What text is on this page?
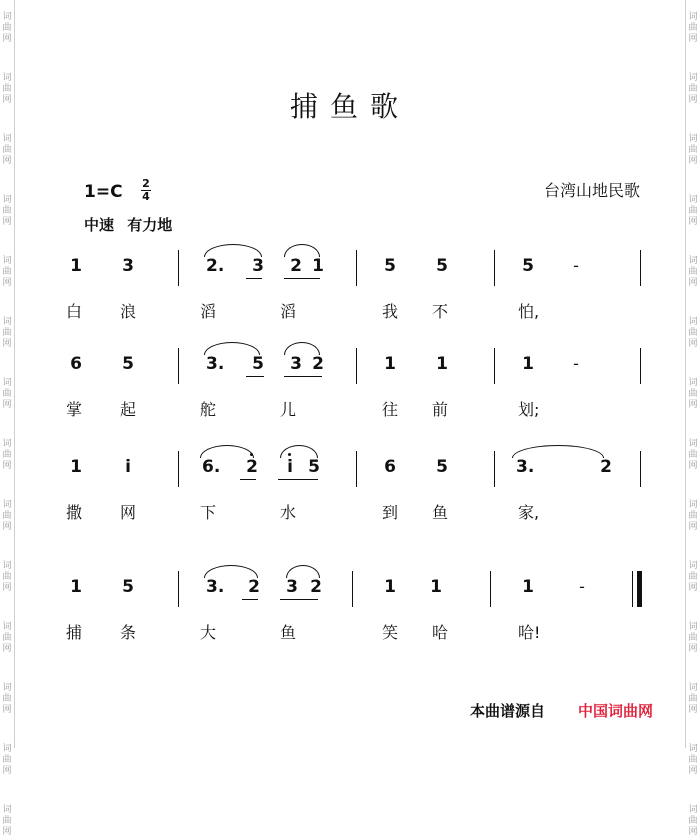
词
曲
网
词
曲
网
词
曲
网
词
曲
网
词
曲
网
词
曲
网
词
曲
网
词
曲
网
词
曲
网
词
曲
网
词
曲
网
词
曲
网
词
曲
网
词
曲
网
词
曲
网
词
曲
网
词
曲
网
词
曲
网
词
曲
网
词
曲
网
词
曲
网
词
曲
网
词
曲
网
词
曲
网
词
曲
网
词
曲
网
词
曲
网
词
曲
网
捕鱼歌
1=C 2
4	台湾山地民歌
中速 有力地
1 3	2. 3 2 1	5 5	5	-
白 浪	滔	滔	我 不	怕,
6 5	3. 5 3 2	1 1	1	-
掌 起	舵	儿	往 前	划;
1	i	6. 2 i 5	6 5	3.	2
撒 网	下	水	到 鱼	家,
1 5	3. 2 3 2	1 1	1	-
捕 条	大	鱼	笑 哈	哈!
本曲谱源自 中国词曲网
